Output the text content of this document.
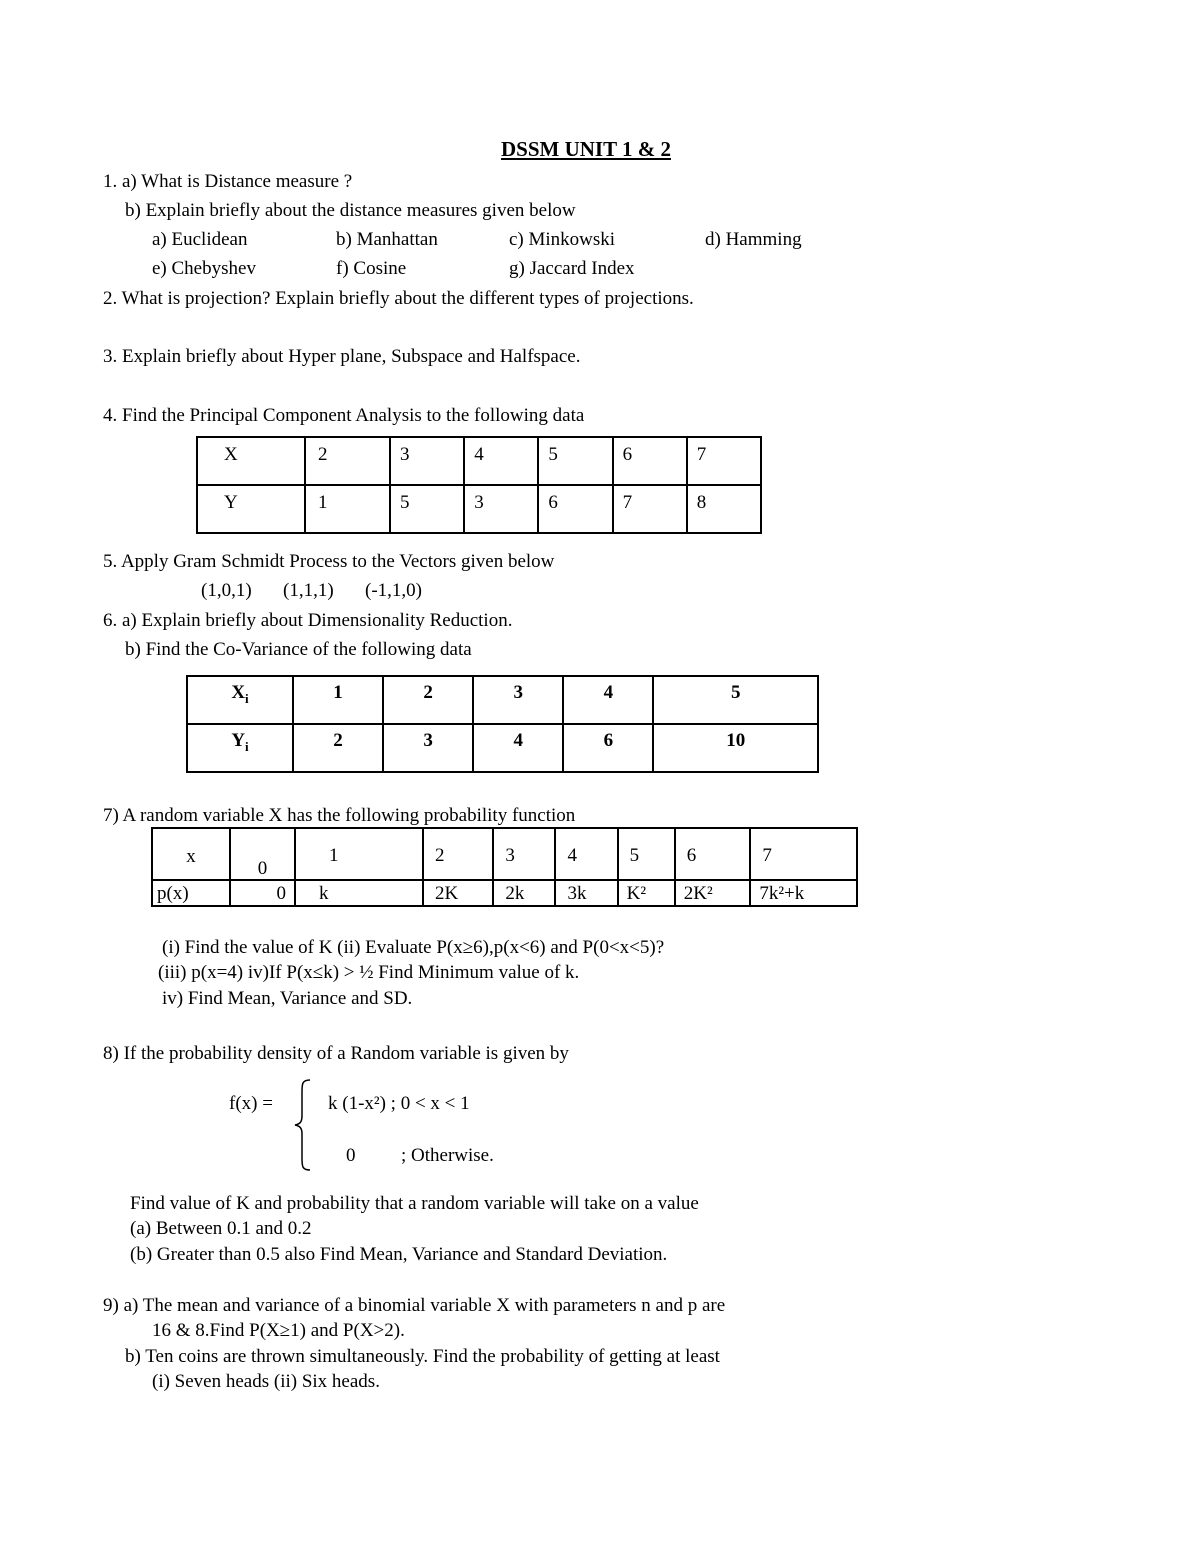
DSSM UNIT 1 & 2
1. a) What is Distance measure ?
b) Explain briefly about the distance measures given below
a) Euclidean	b) Manhattan	c) Minkowski	d) Hamming
e) Chebyshev	f) Cosine	g) Jaccard Index
2. What is projection? Explain briefly about the different types of projections.
3. Explain briefly about Hyper plane, Subspace and Halfspace.
4. Find the Principal Component Analysis to the following data
X	2	3	4	5	6	7
Y	1	5	3	6	7	8
5. Apply Gram Schmidt Process to the Vectors given below
(1,0,1) (1,1,1) (-1,1,0)
6. a) Explain briefly about Dimensionality Reduction.
b) Find the Co-Variance of the following data
$X_i$	1	2	3	4	5
$Y_i$	2	3	4	6	10
7) A random variable X has the following probability function
x	0	1	2	3	4	5	6	7
p(x)	0	k	2K	2k	3k	K²	2K²	7k²+k
(i) Find the value of K (ii) Evaluate P(x≥6),p(x<6) and P(0<x<5)?
(iii) p(x=4) iv)If P(x≤k) > ½ Find Minimum value of k.
iv) Find Mean, Variance and SD.
8) If the probability density of a Random variable is given by
f(x) =	k (1-x²) ; 0 < x < 1
0 ; Otherwise.
Find value of K and probability that a random variable will take on a value
(a) Between 0.1 and 0.2
(b) Greater than 0.5 also Find Mean, Variance and Standard Deviation.
9) a) The mean and variance of a binomial variable X with parameters n and p are
16 & 8.Find P(X≥1) and P(X>2).
b) Ten coins are thrown simultaneously. Find the probability of getting at least
(i) Seven heads (ii) Six heads.
